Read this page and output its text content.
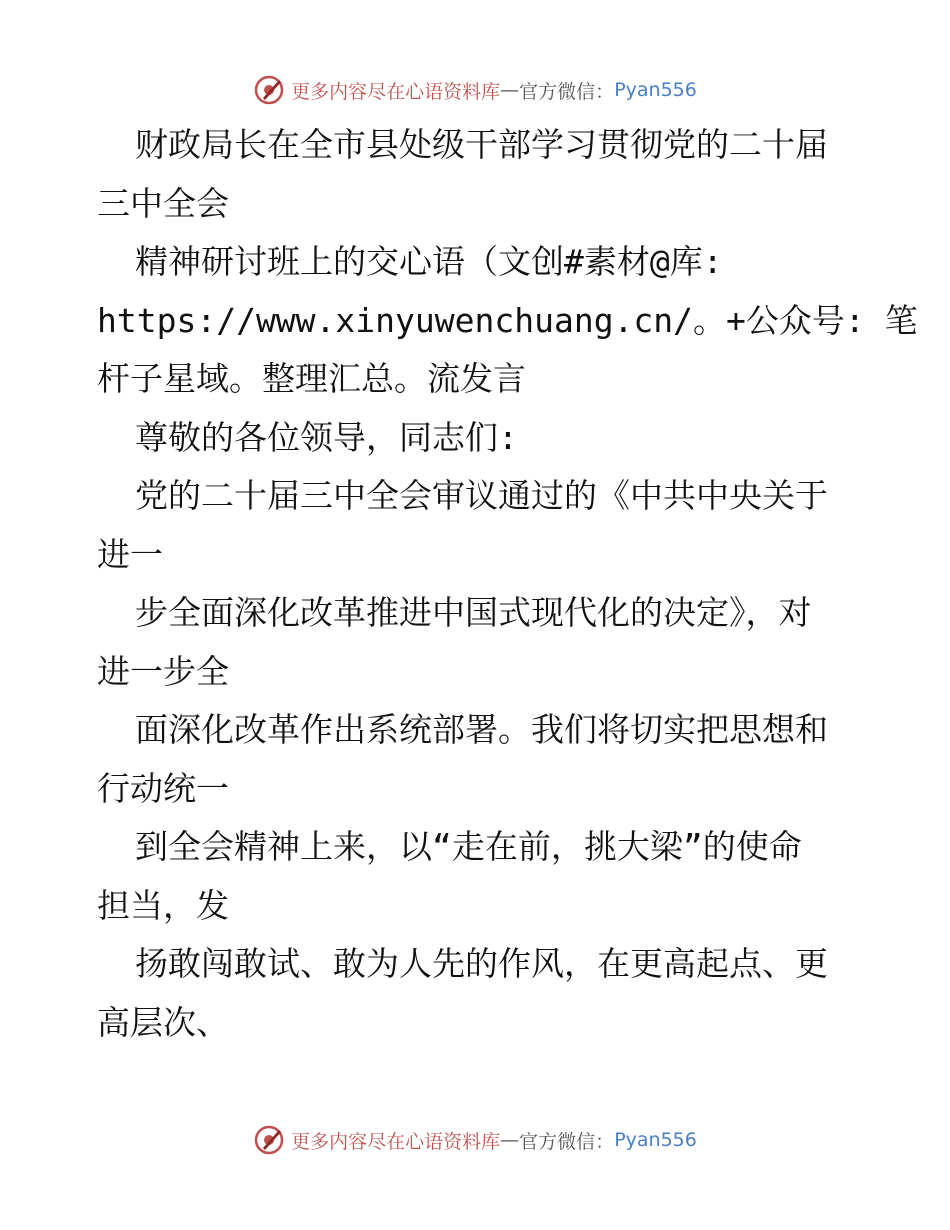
更多内容尽在心语资料库 — 官方微信： Pyan556

财政局长在全市县处级干部学习贯彻党的二十届

三中全会

精神研讨班上的交心语（文创#素材@库:

https://www.xinyuwenchuang.cn/。+公众号: 笔

杆子星域。整理汇总。流发言

尊敬的各位领导，同志们:

党的二十届三中全会审议通过的《中共中央关于

进一

步全面深化改革推进中国式现代化的决定》，对

进一步全

面深化改革作出系统部署。我们将切实把思想和

行动统一

到全会精神上来，以“走在前，挑大梁”的使命

担当，发

扬敢闯敢试、敢为人先的作风，在更高起点、更

高层次、

更多内容尽在心语资料库 — 官方微信： Pyan556
